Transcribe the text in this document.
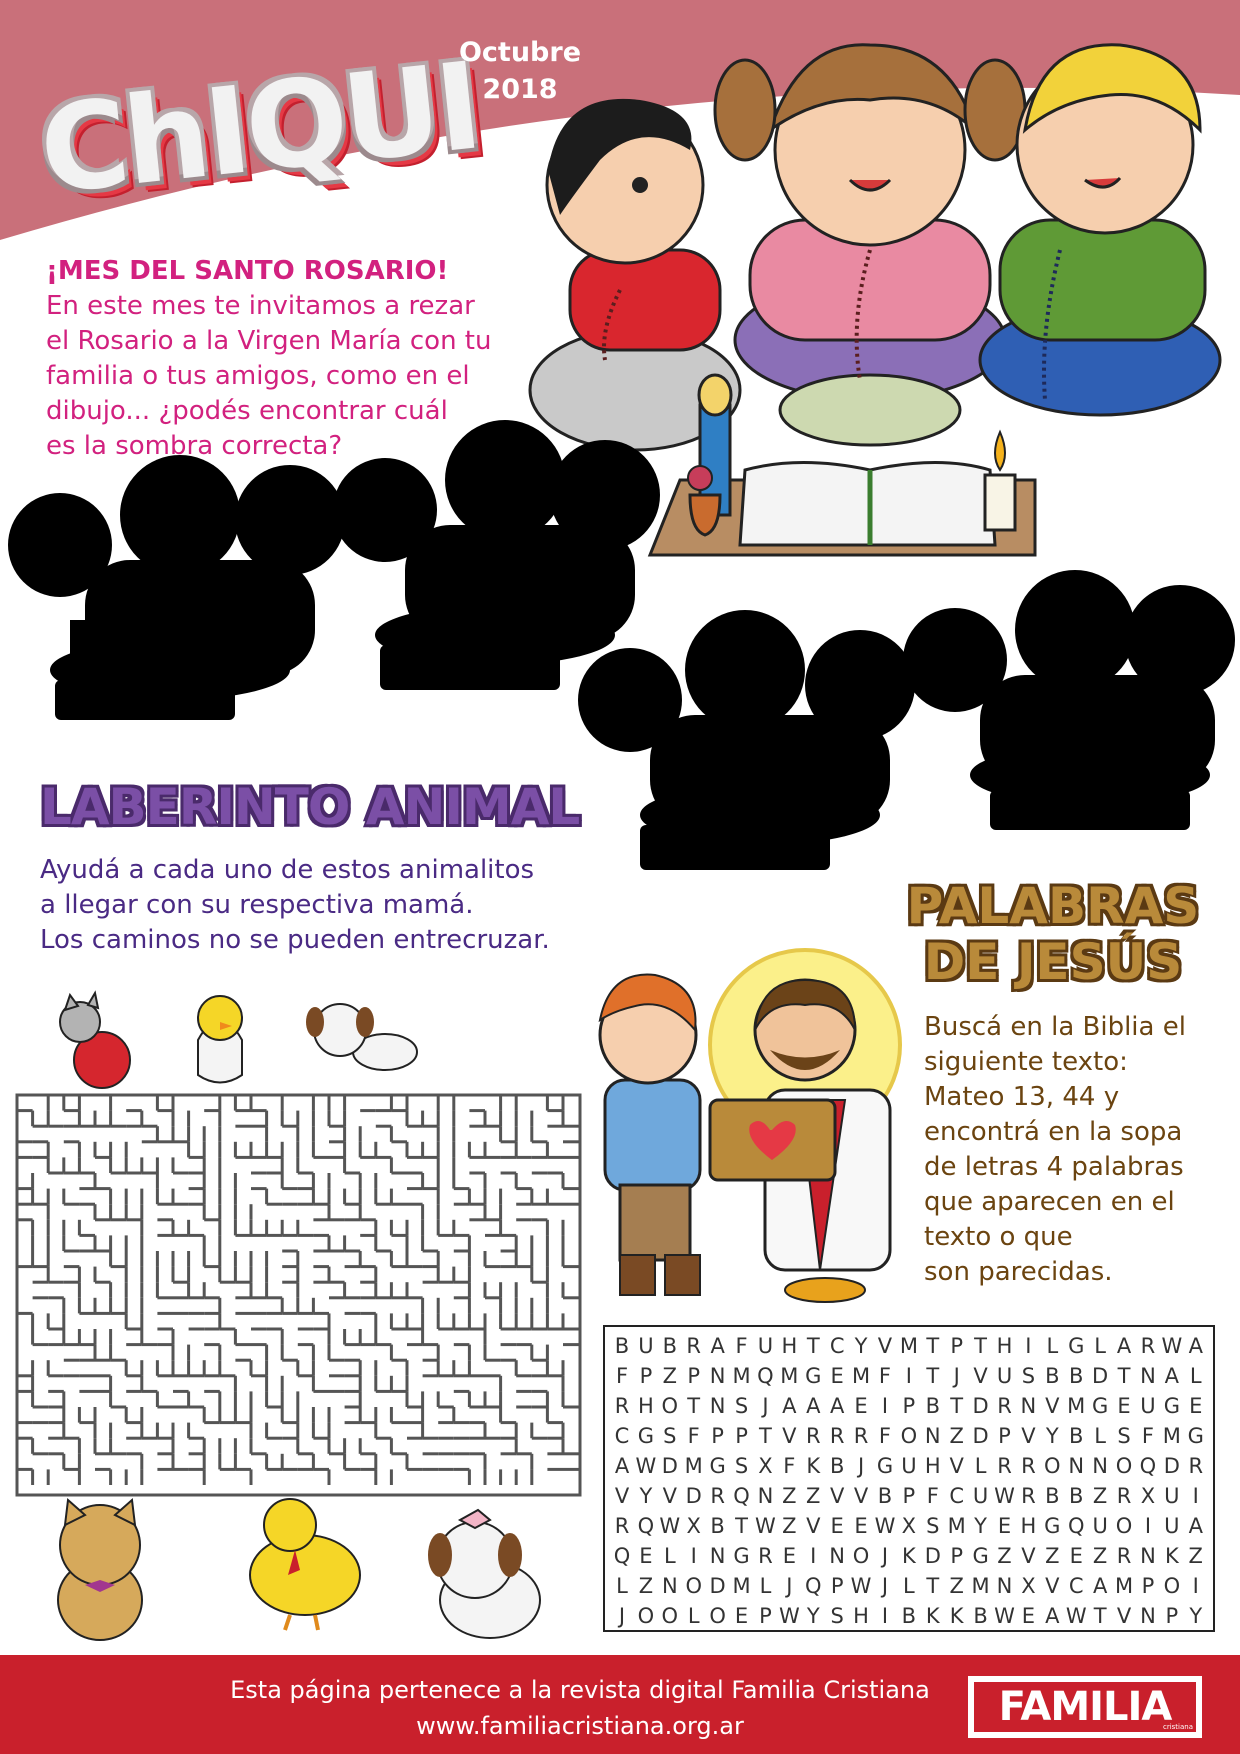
ChIQUI
Octubre
2018
¡MES DEL SANTO ROSARIO!
En este mes te invitamos a rezar
el Rosario a la Virgen María con tu
familia o tus amigos, como en el
dibujo... ¿podés encontrar cuál
es la sombra correcta?
LABERINTO ANIMAL
Ayudá a cada uno de estos animalitos
a llegar con su respectiva mamá.
Los caminos no se pueden entrecruzar.
PALABRAS
DE JESÚS
Buscá en la Biblia el
siguiente texto:
Mateo 13, 44 y
encontrá en la sopa
de letras 4 palabras
que aparecen en el
texto o que
son parecidas.
B U B R A F U H T C Y V M T P T H I L G L A R W A
F P Z P N M Q M G E M F I T J V U S B B D T N A L
R H O T N S J A A A E I P B T D R N V M G E U G E
C G S F P P T V R R R F O N Z D P V Y B L S F M G
A W D M G S X F K B J G U H V L R R O N N O Q D R
V Y V D R Q N Z Z V V B P F C U W R B B Z R X U I
R Q W X B T W Z V E E W X S M Y E H G Q U O I U A
Q E L I N G R E I N O J K D P G Z V Z E Z R N K Z
L Z N O D M L J Q P W J L T Z M N X V C A M P O I
J O O L O E P W Y S H I B K K B W E A W T V N P Y
Esta página pertenece a la revista digital Familia Cristiana
www.familiacristiana.org.ar	FAMILIA
cristiana
